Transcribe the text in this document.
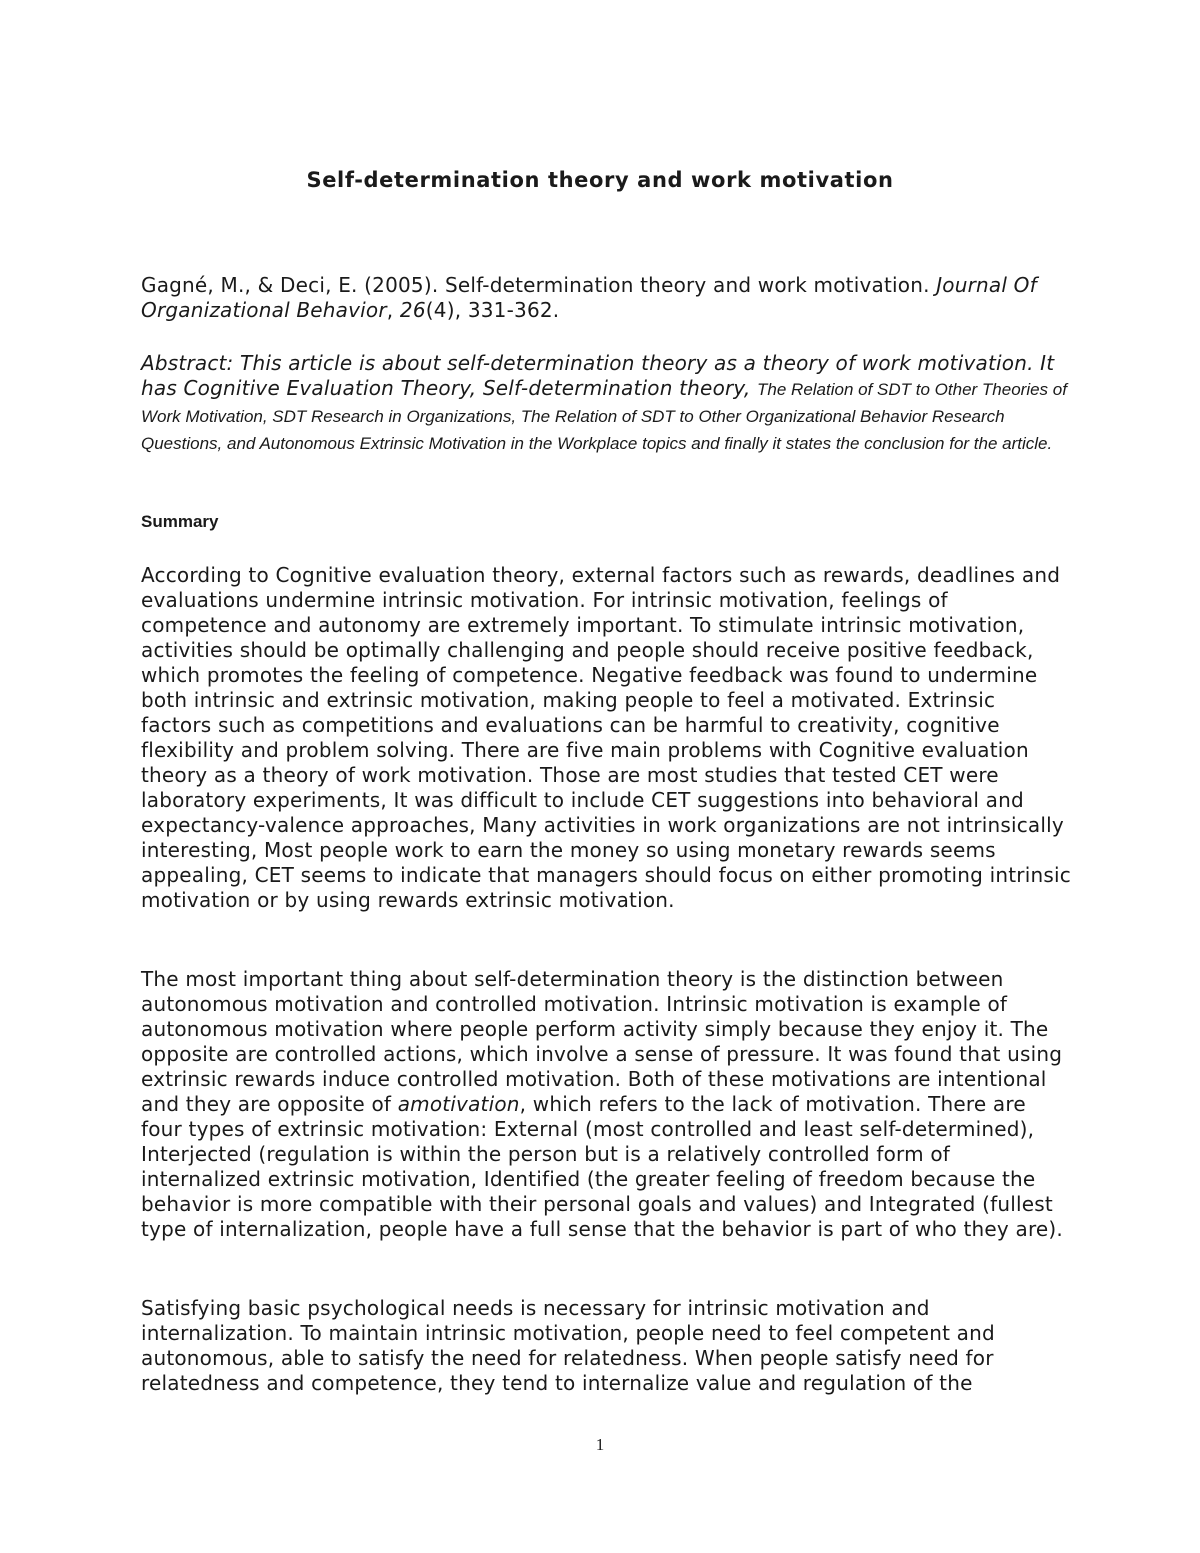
Self-determination theory and work motivation

Gagné, M., & Deci, E. (2005). Self-determination theory and work motivation. Journal Of Organizational Behavior, 26(4), 331-362.

Abstract: This article is about self-determination theory as a theory of work motivation. It has Cognitive Evaluation Theory, Self-determination theory, The Relation of SDT to Other Theories of Work Motivation, SDT Research in Organizations, The Relation of SDT to Other Organizational Behavior Research Questions, and Autonomous Extrinsic Motivation in the Workplace topics and finally it states the conclusion for the article.

Summary

According to Cognitive evaluation theory, external factors such as rewards, deadlines and evaluations undermine intrinsic motivation. For intrinsic motivation, feelings of competence and autonomy are extremely important. To stimulate intrinsic motivation, activities should be optimally challenging and people should receive positive feedback, which promotes the feeling of competence. Negative feedback was found to undermine both intrinsic and extrinsic motivation, making people to feel a motivated. Extrinsic factors such as competitions and evaluations can be harmful to creativity, cognitive flexibility and problem solving. There are five main problems with Cognitive evaluation theory as a theory of work motivation. Those are most studies that tested CET were laboratory experiments, It was difficult to include CET suggestions into behavioral and expectancy-valence approaches, Many activities in work organizations are not intrinsically interesting, Most people work to earn the money so using monetary rewards seems appealing, CET seems to indicate that managers should focus on either promoting intrinsic motivation or by using rewards extrinsic motivation.

The most important thing about self-determination theory is the distinction between autonomous motivation and controlled motivation. Intrinsic motivation is example of autonomous motivation where people perform activity simply because they enjoy it. The opposite are controlled actions, which involve a sense of pressure. It was found that using extrinsic rewards induce controlled motivation. Both of these motivations are intentional and they are opposite of amotivation, which refers to the lack of motivation. There are four types of extrinsic motivation: External (most controlled and least self-determined), Interjected (regulation is within the person but is a relatively controlled form of internalized extrinsic motivation, Identified (the greater feeling of freedom because the behavior is more compatible with their personal goals and values) and Integrated (fullest type of internalization, people have a full sense that the behavior is part of who they are).

Satisfying basic psychological needs is necessary for intrinsic motivation and internalization. To maintain intrinsic motivation, people need to feel competent and autonomous, able to satisfy the need for relatedness. When people satisfy need for relatedness and competence, they tend to internalize value and regulation of the

1
